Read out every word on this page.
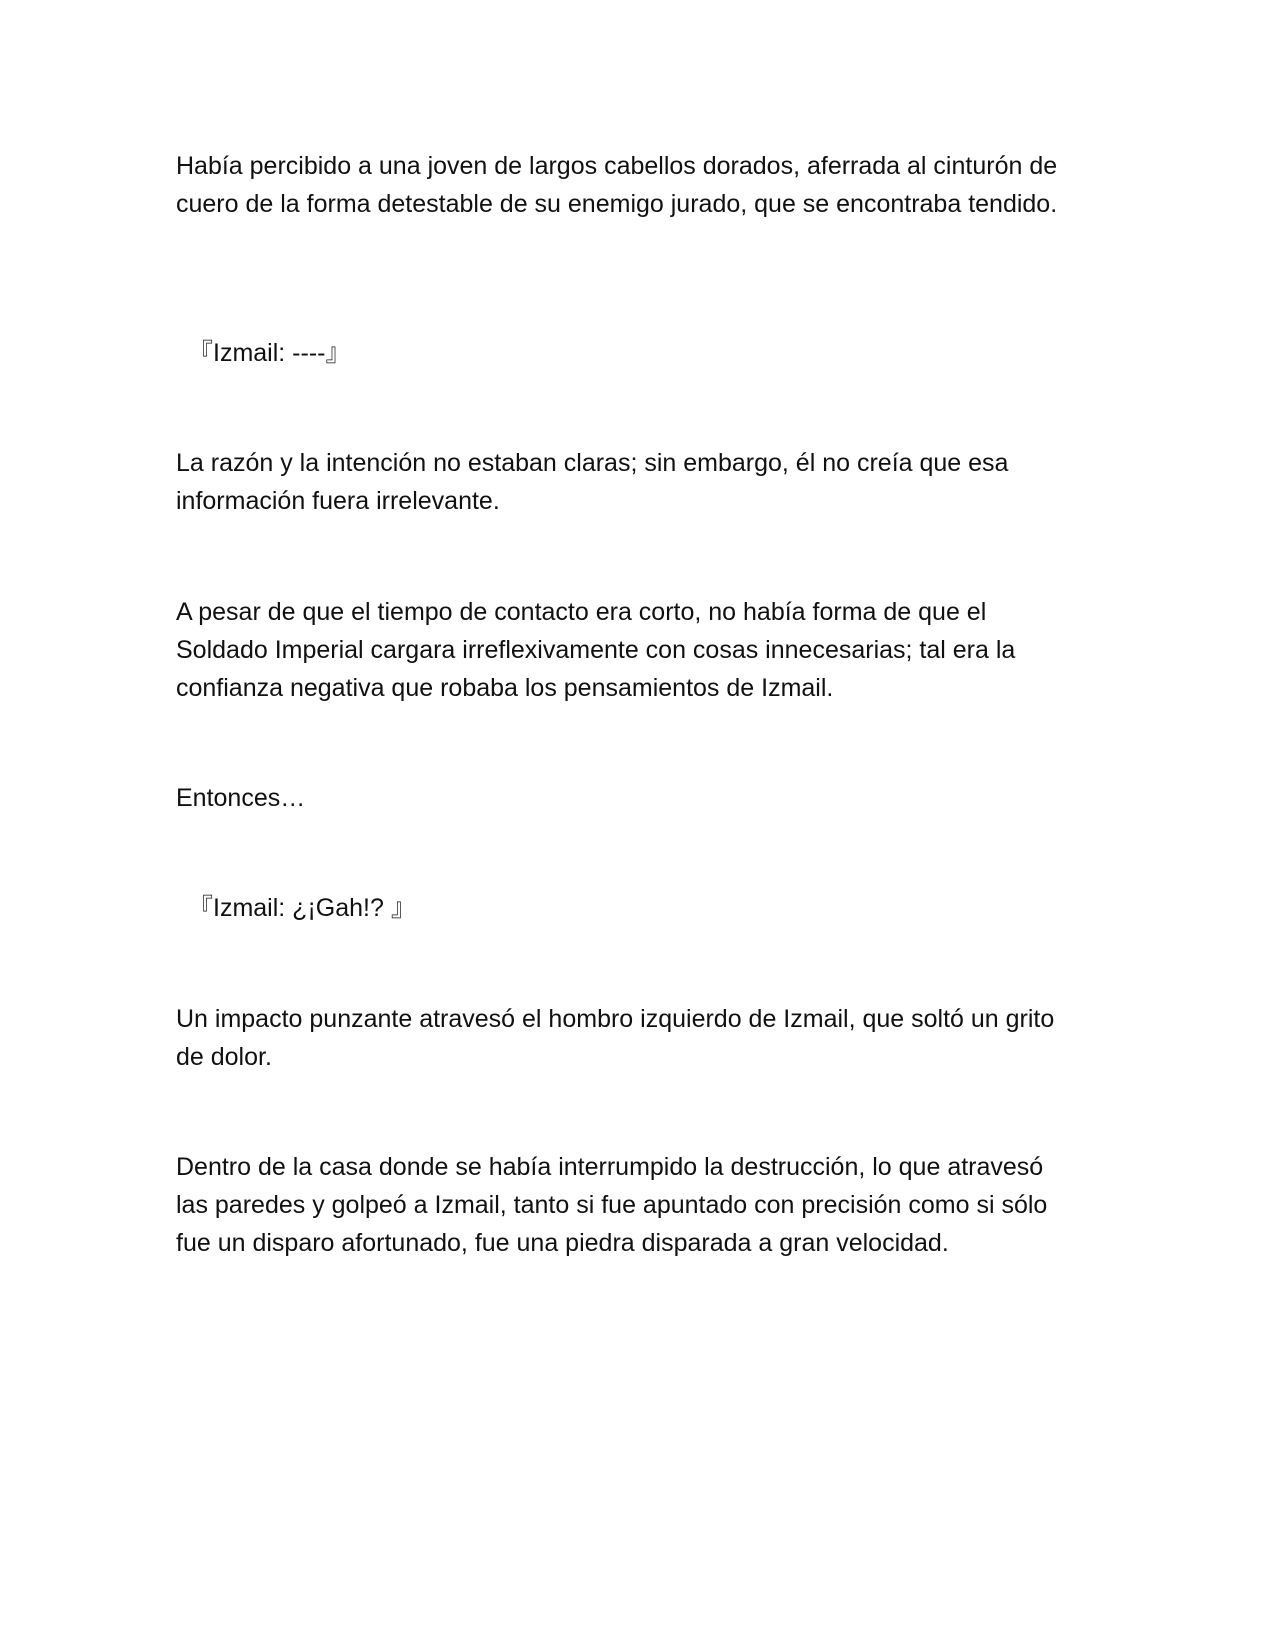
Había percibido a una joven de largos cabellos dorados, aferrada al cinturón de cuero de la forma detestable de su enemigo jurado, que se encontraba tendido.

『Izmail: ----』

La razón y la intención no estaban claras; sin embargo, él no creía que esa información fuera irrelevante.

A pesar de que el tiempo de contacto era corto, no había forma de que el Soldado Imperial cargara irreflexivamente con cosas innecesarias; tal era la confianza negativa que robaba los pensamientos de Izmail.

Entonces…

『Izmail: ¿¡Gah!? 』

Un impacto punzante atravesó el hombro izquierdo de Izmail, que soltó un grito de dolor.

Dentro de la casa donde se había interrumpido la destrucción, lo que atravesó las paredes y golpeó a Izmail, tanto si fue apuntado con precisión como si sólo fue un disparo afortunado, fue una piedra disparada a gran velocidad.
